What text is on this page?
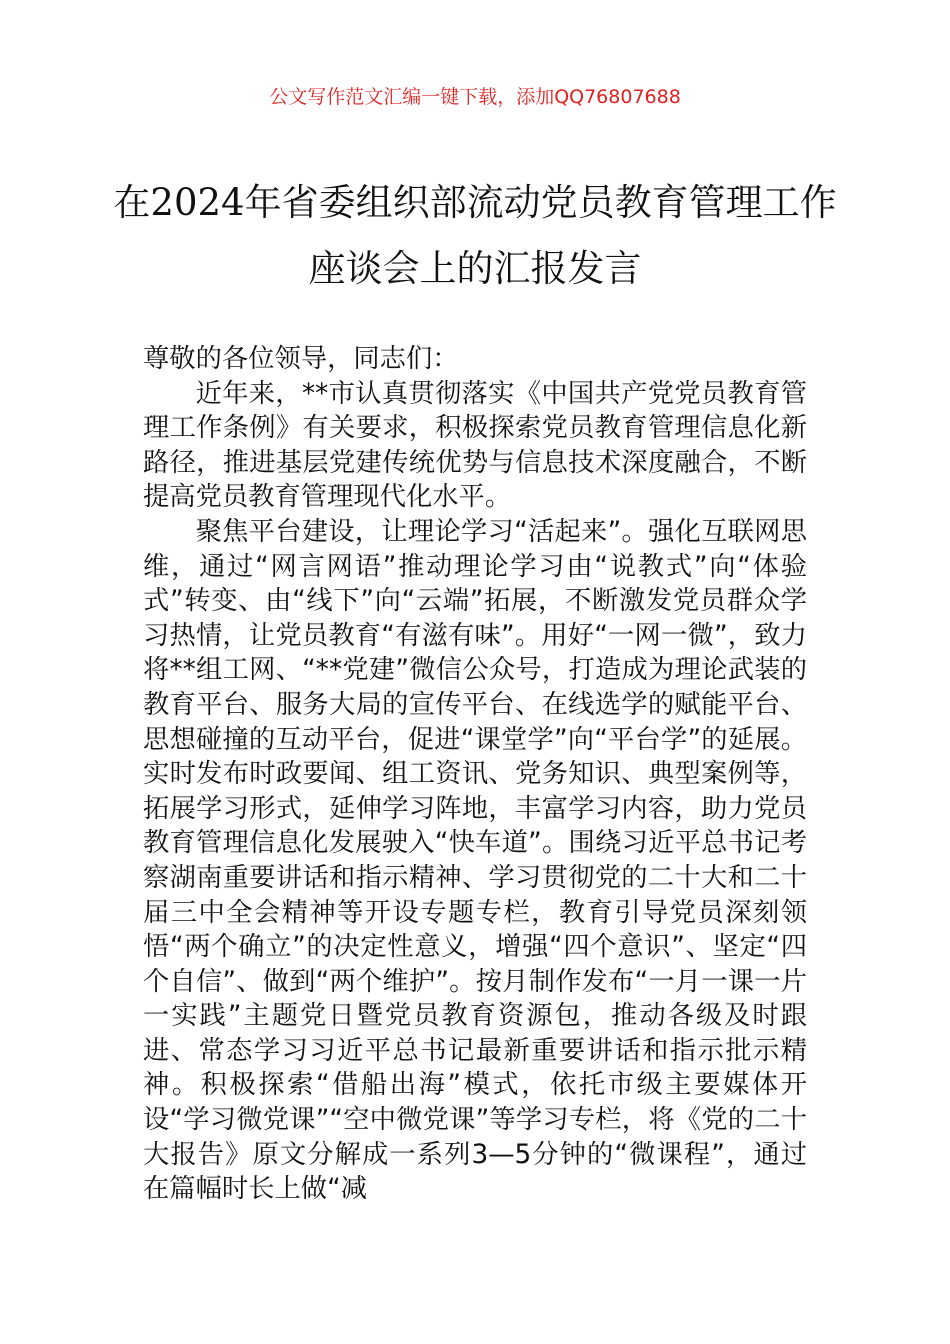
公文写作范文汇编一键下载，添加QQ76807688
在2024年省委组织部流动党员教育管理工作座谈会上的汇报发言

尊敬的各位领导，同志们：

近年来，**市认真贯彻落实《中国共产党党员教育管理工作条例》有关要求，积极探索党员教育管理信息化新路径，推进基层党建传统优势与信息技术深度融合，不断提高党员教育管理现代化水平。

聚焦平台建设，让理论学习“活起来”。强化互联网思维，通过“网言网语”推动理论学习由“说教式”向“体验式”转变、由“线下”向“云端”拓展，不断激发党员群众学习热情，让党员教育“有滋有味”。用好“一网一微”，致力将**组工网、“**党建”微信公众号，打造成为理论武装的教育平台、服务大局的宣传平台、在线选学的赋能平台、思想碰撞的互动平台，促进“课堂学”向“平台学”的延展。实时发布时政要闻、组工资讯、党务知识、典型案例等，拓展学习形式，延伸学习阵地，丰富学习内容，助力党员教育管理信息化发展驶入“快车道”。围绕习近平总书记考察湖南重要讲话和指示精神、学习贯彻党的二十大和二十届三中全会精神等开设专题专栏，教育引导党员深刻领悟“两个确立”的决定性意义，增强“四个意识”、坚定“四个自信”、做到“两个维护”。按月制作发布“一月一课一片一实践”主题党日暨党员教育资源包，推动各级及时跟进、常态学习习近平总书记最新重要讲话和指示批示精神。积极探索“借船出海”模式，依托市级主要媒体开设“学习微党课”“空中微党课”等学习专栏，将《党的二十大报告》原文分解成一系列3—5分钟的“微课程”，通过在篇幅时长上做“减
